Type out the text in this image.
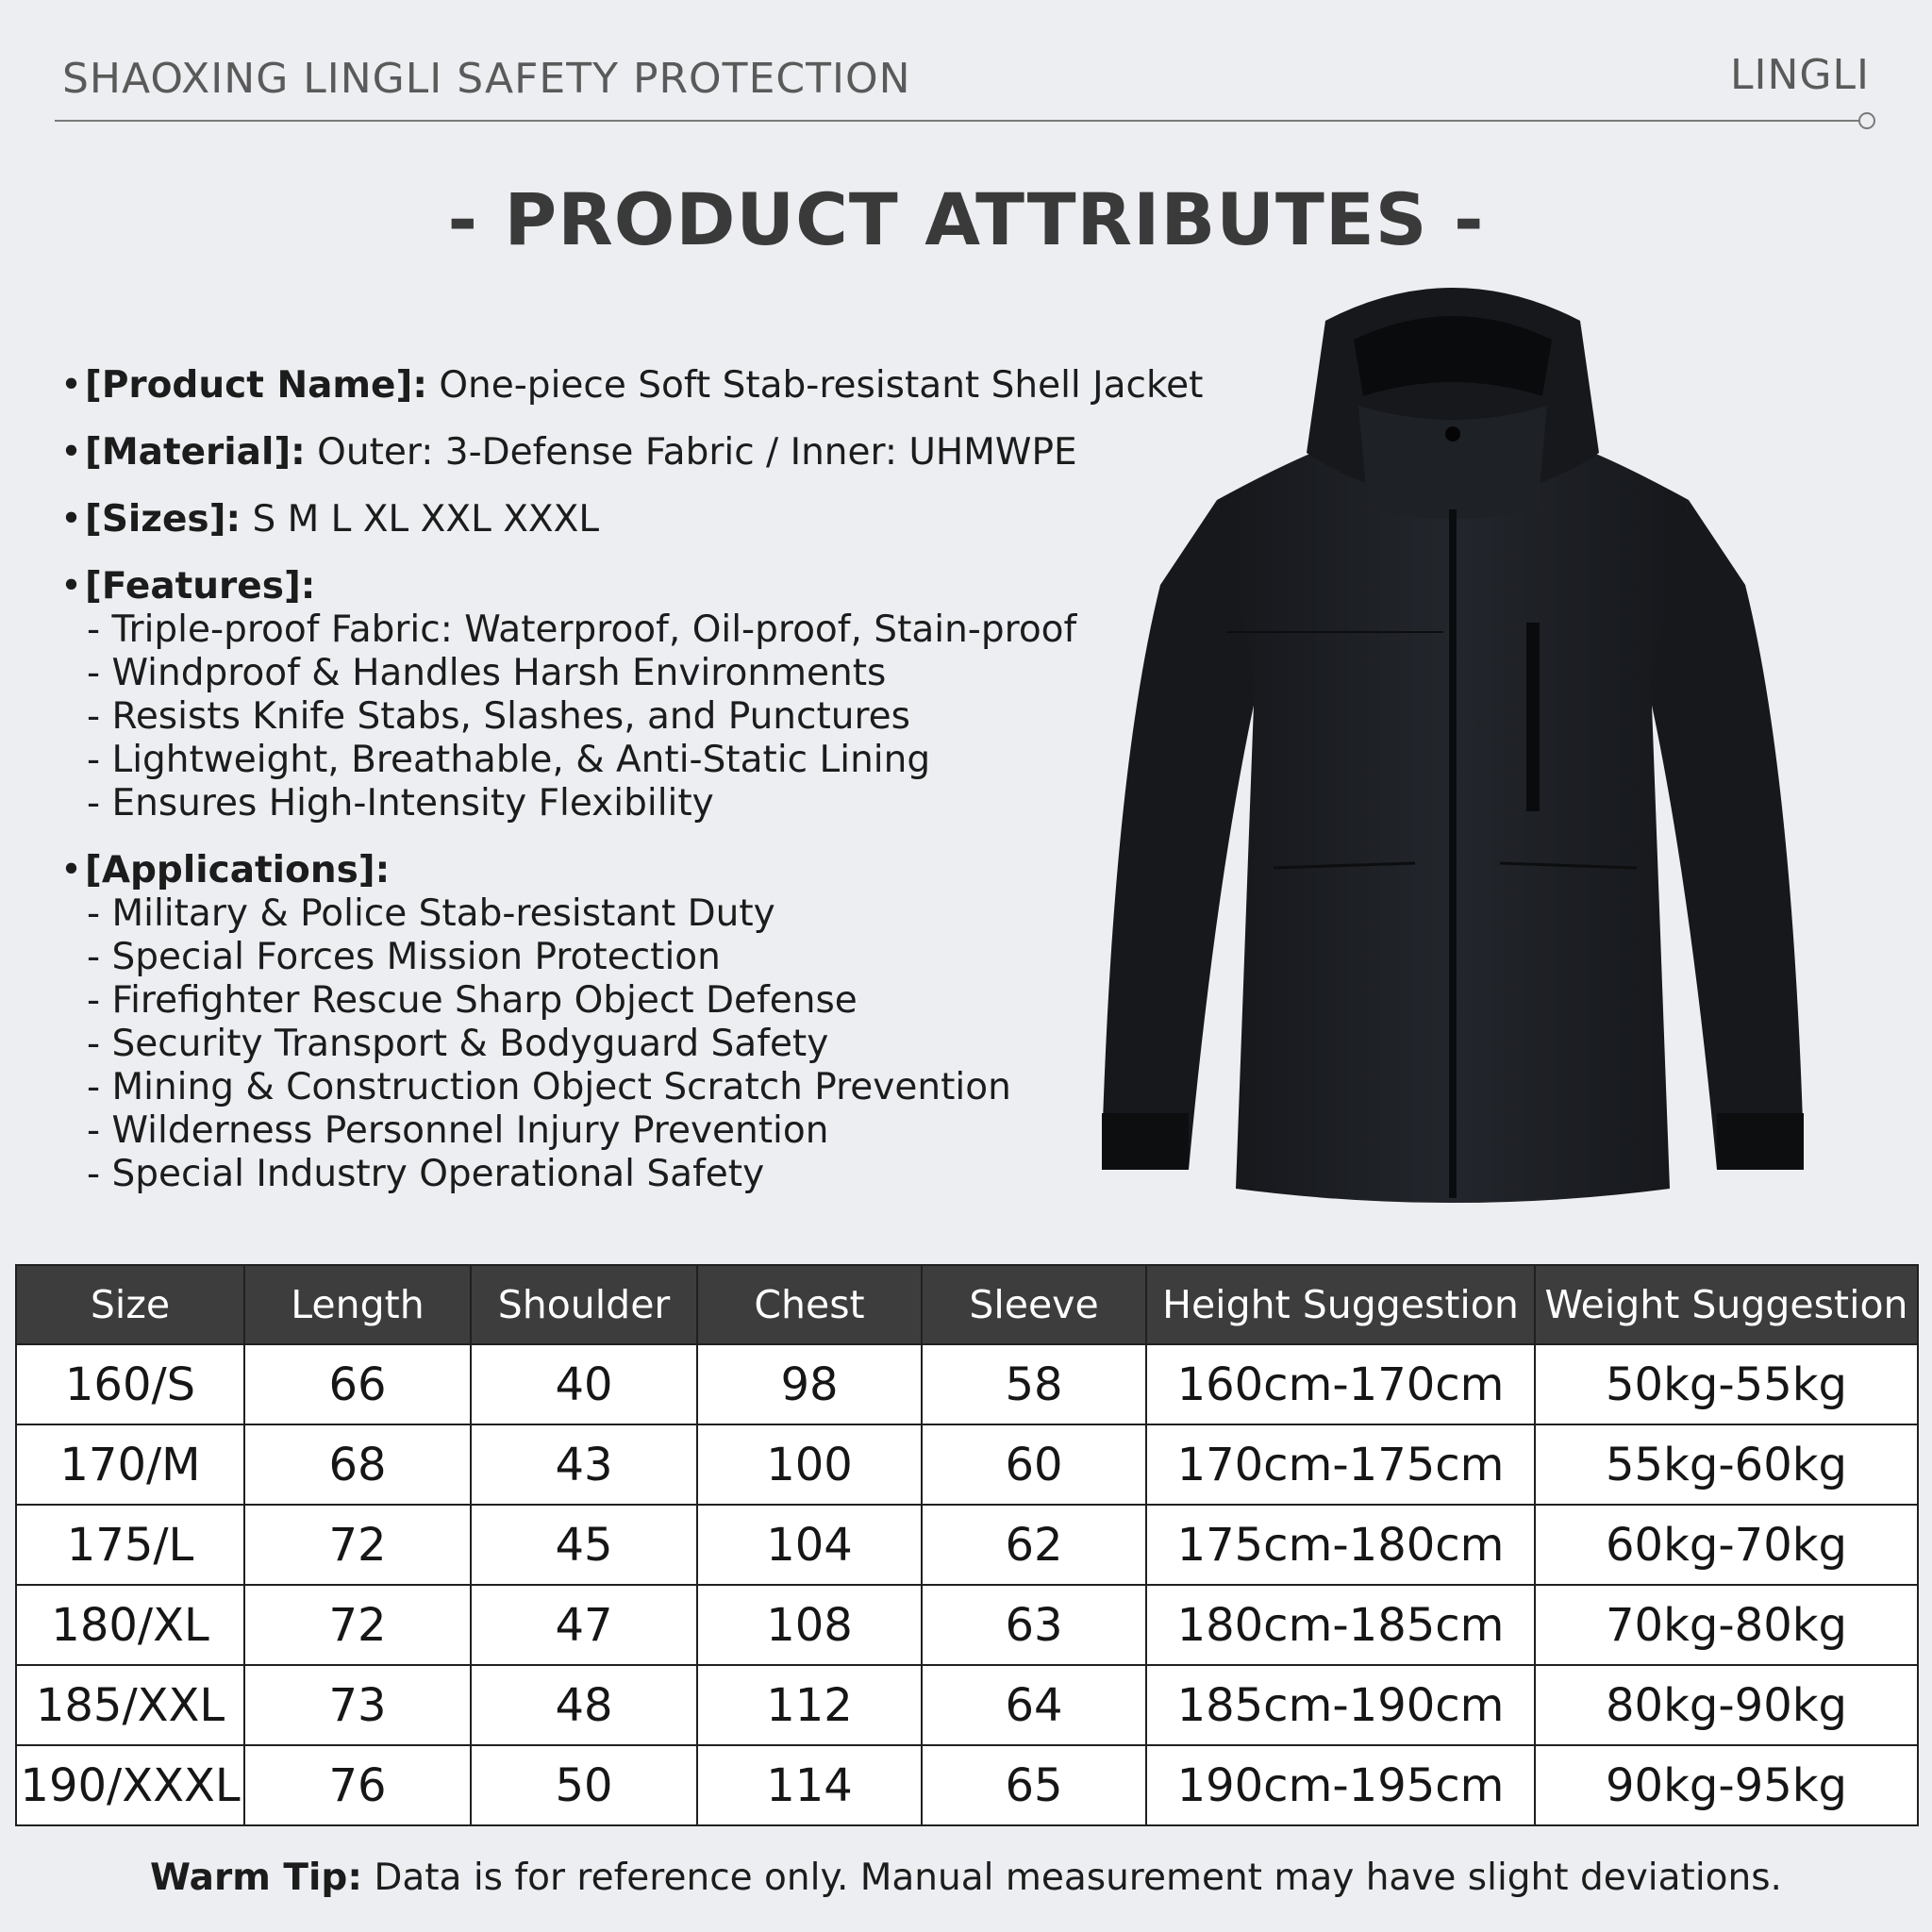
SHAOXING LINGLI SAFETY PROTECTION	LINGLI
- PRODUCT ATTRIBUTES -
•[Product Name]: One-piece Soft Stab-resistant Shell Jacket
•[Material]: Outer: 3-Defense Fabric / Inner: UHMWPE
•[Sizes]: S M L XL XXL XXXL
•[Features]:
- Triple-proof Fabric: Waterproof, Oil-proof, Stain-proof
- Windproof & Handles Harsh Environments
- Resists Knife Stabs, Slashes, and Punctures
- Lightweight, Breathable, & Anti-Static Lining
- Ensures High-Intensity Flexibility
•[Applications]:
- Military & Police Stab-resistant Duty
- Special Forces Mission Protection
- Firefighter Rescue Sharp Object Defense
- Security Transport & Bodyguard Safety
- Mining & Construction Object Scratch Prevention
- Wilderness Personnel Injury Prevention
- Special Industry Operational Safety
Size	Length	Shoulder	Chest	Sleeve	Height Suggestion	Weight Suggestion
160/S	66	40	98	58	160cm-170cm	50kg-55kg
170/M	68	43	100	60	170cm-175cm	55kg-60kg
175/L	72	45	104	62	175cm-180cm	60kg-70kg
180/XL	72	47	108	63	180cm-185cm	70kg-80kg
185/XXL	73	48	112	64	185cm-190cm	80kg-90kg
190/XXXL	76	50	114	65	190cm-195cm	90kg-95kg
Warm Tip: Data is for reference only. Manual measurement may have slight deviations.
